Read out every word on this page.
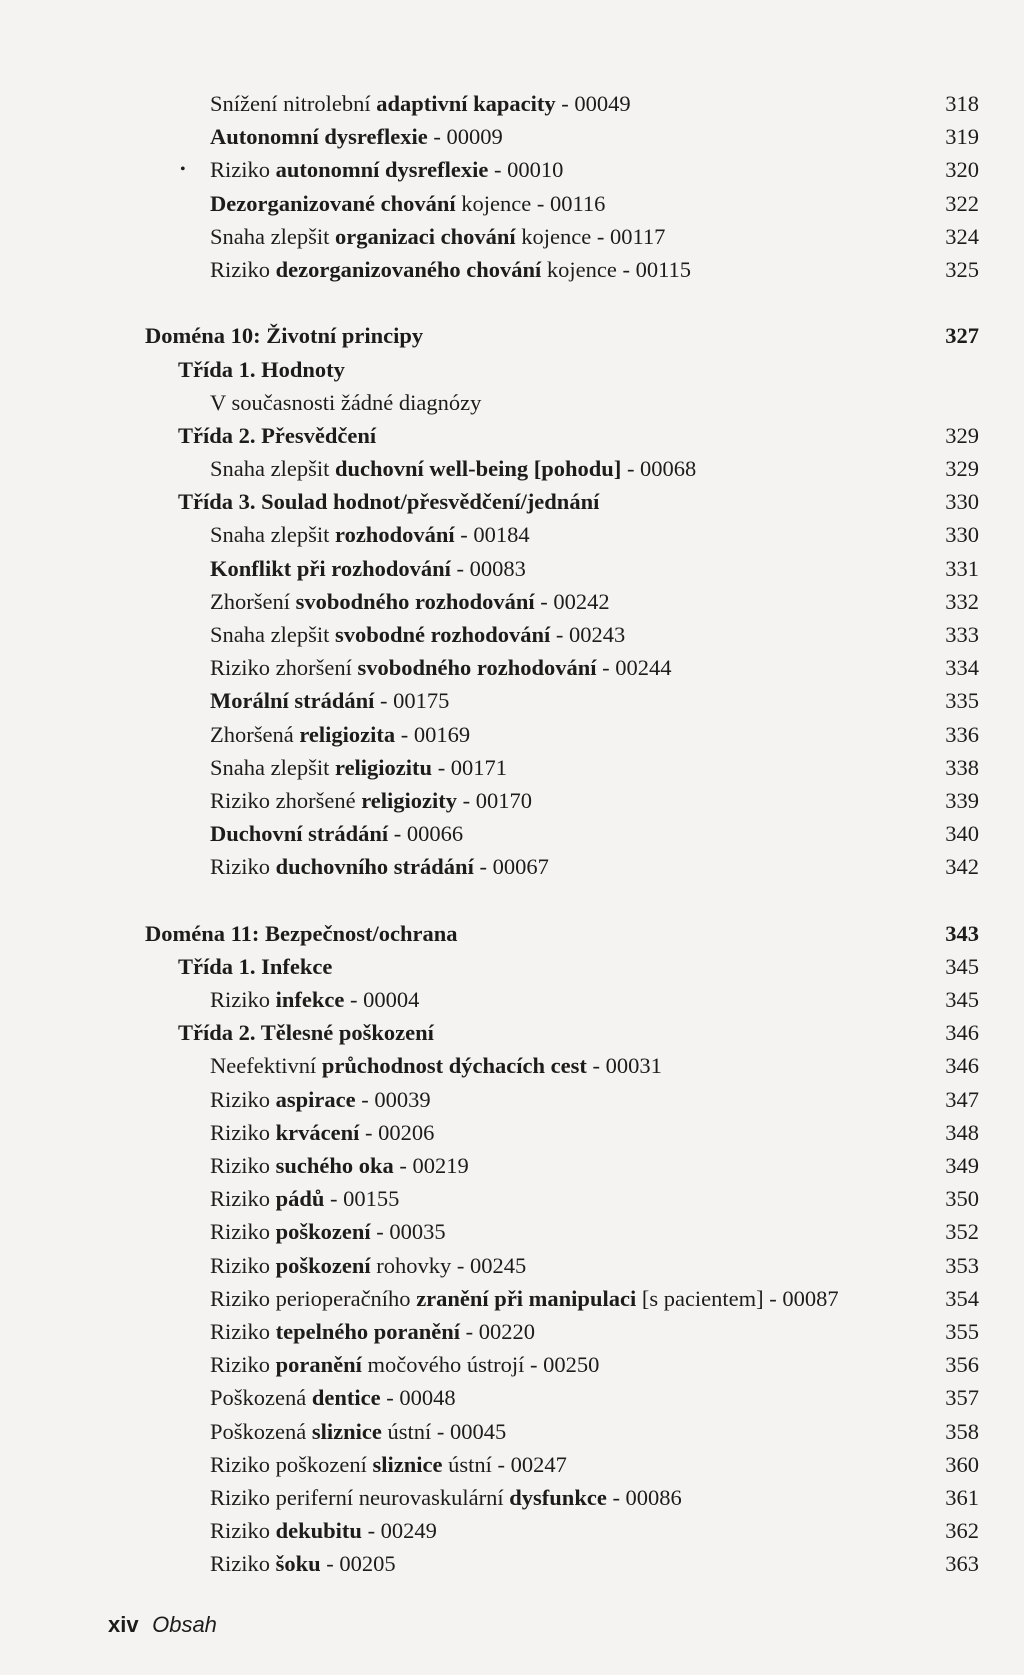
Snížení nitrolební adaptivní kapacity - 00049	318
Autonomní dysreflexie - 00009	319
• Riziko autonomní dysreflexie - 00010	320
Dezorganizované chování kojence - 00116	322
Snaha zlepšit organizaci chování kojence - 00117	324
Riziko dezorganizovaného chování kojence - 00115	325
Doména 10: Životní principy	327
Třída 1. Hodnoty
V současnosti žádné diagnózy
Třída 2. Přesvědčení	329
Snaha zlepšit duchovní well-being [pohodu] - 00068	329
Třída 3. Soulad hodnot/přesvědčení/jednání	330
Snaha zlepšit rozhodování - 00184	330
Konflikt při rozhodování - 00083	331
Zhoršení svobodného rozhodování - 00242	332
Snaha zlepšit svobodné rozhodování - 00243	333
Riziko zhoršení svobodného rozhodování - 00244	334
Morální strádání - 00175	335
Zhoršená religiozita - 00169	336
Snaha zlepšit religiozitu - 00171	338
Riziko zhoršené religiozity - 00170	339
Duchovní strádání - 00066	340
Riziko duchovního strádání - 00067	342
Doména 11: Bezpečnost/ochrana	343
Třída 1. Infekce	345
Riziko infekce - 00004	345
Třída 2. Tělesné poškození	346
Neefektivní průchodnost dýchacích cest - 00031	346
Riziko aspirace - 00039	347
Riziko krvácení - 00206	348
Riziko suchého oka - 00219	349
Riziko pádů - 00155	350
Riziko poškození - 00035	352
Riziko poškození rohovky - 00245	353
Riziko perioperačního zranění při manipulaci [s pacientem] - 00087	354
Riziko tepelného poranění - 00220	355
Riziko poranění močového ústrojí - 00250	356
Poškozená dentice - 00048	357
Poškozená sliznice ústní - 00045	358
Riziko poškození sliznice ústní - 00247	360
Riziko periferní neurovaskulární dysfunkce - 00086	361
Riziko dekubitu - 00249	362
Riziko šoku - 00205	363
xiv Obsah
